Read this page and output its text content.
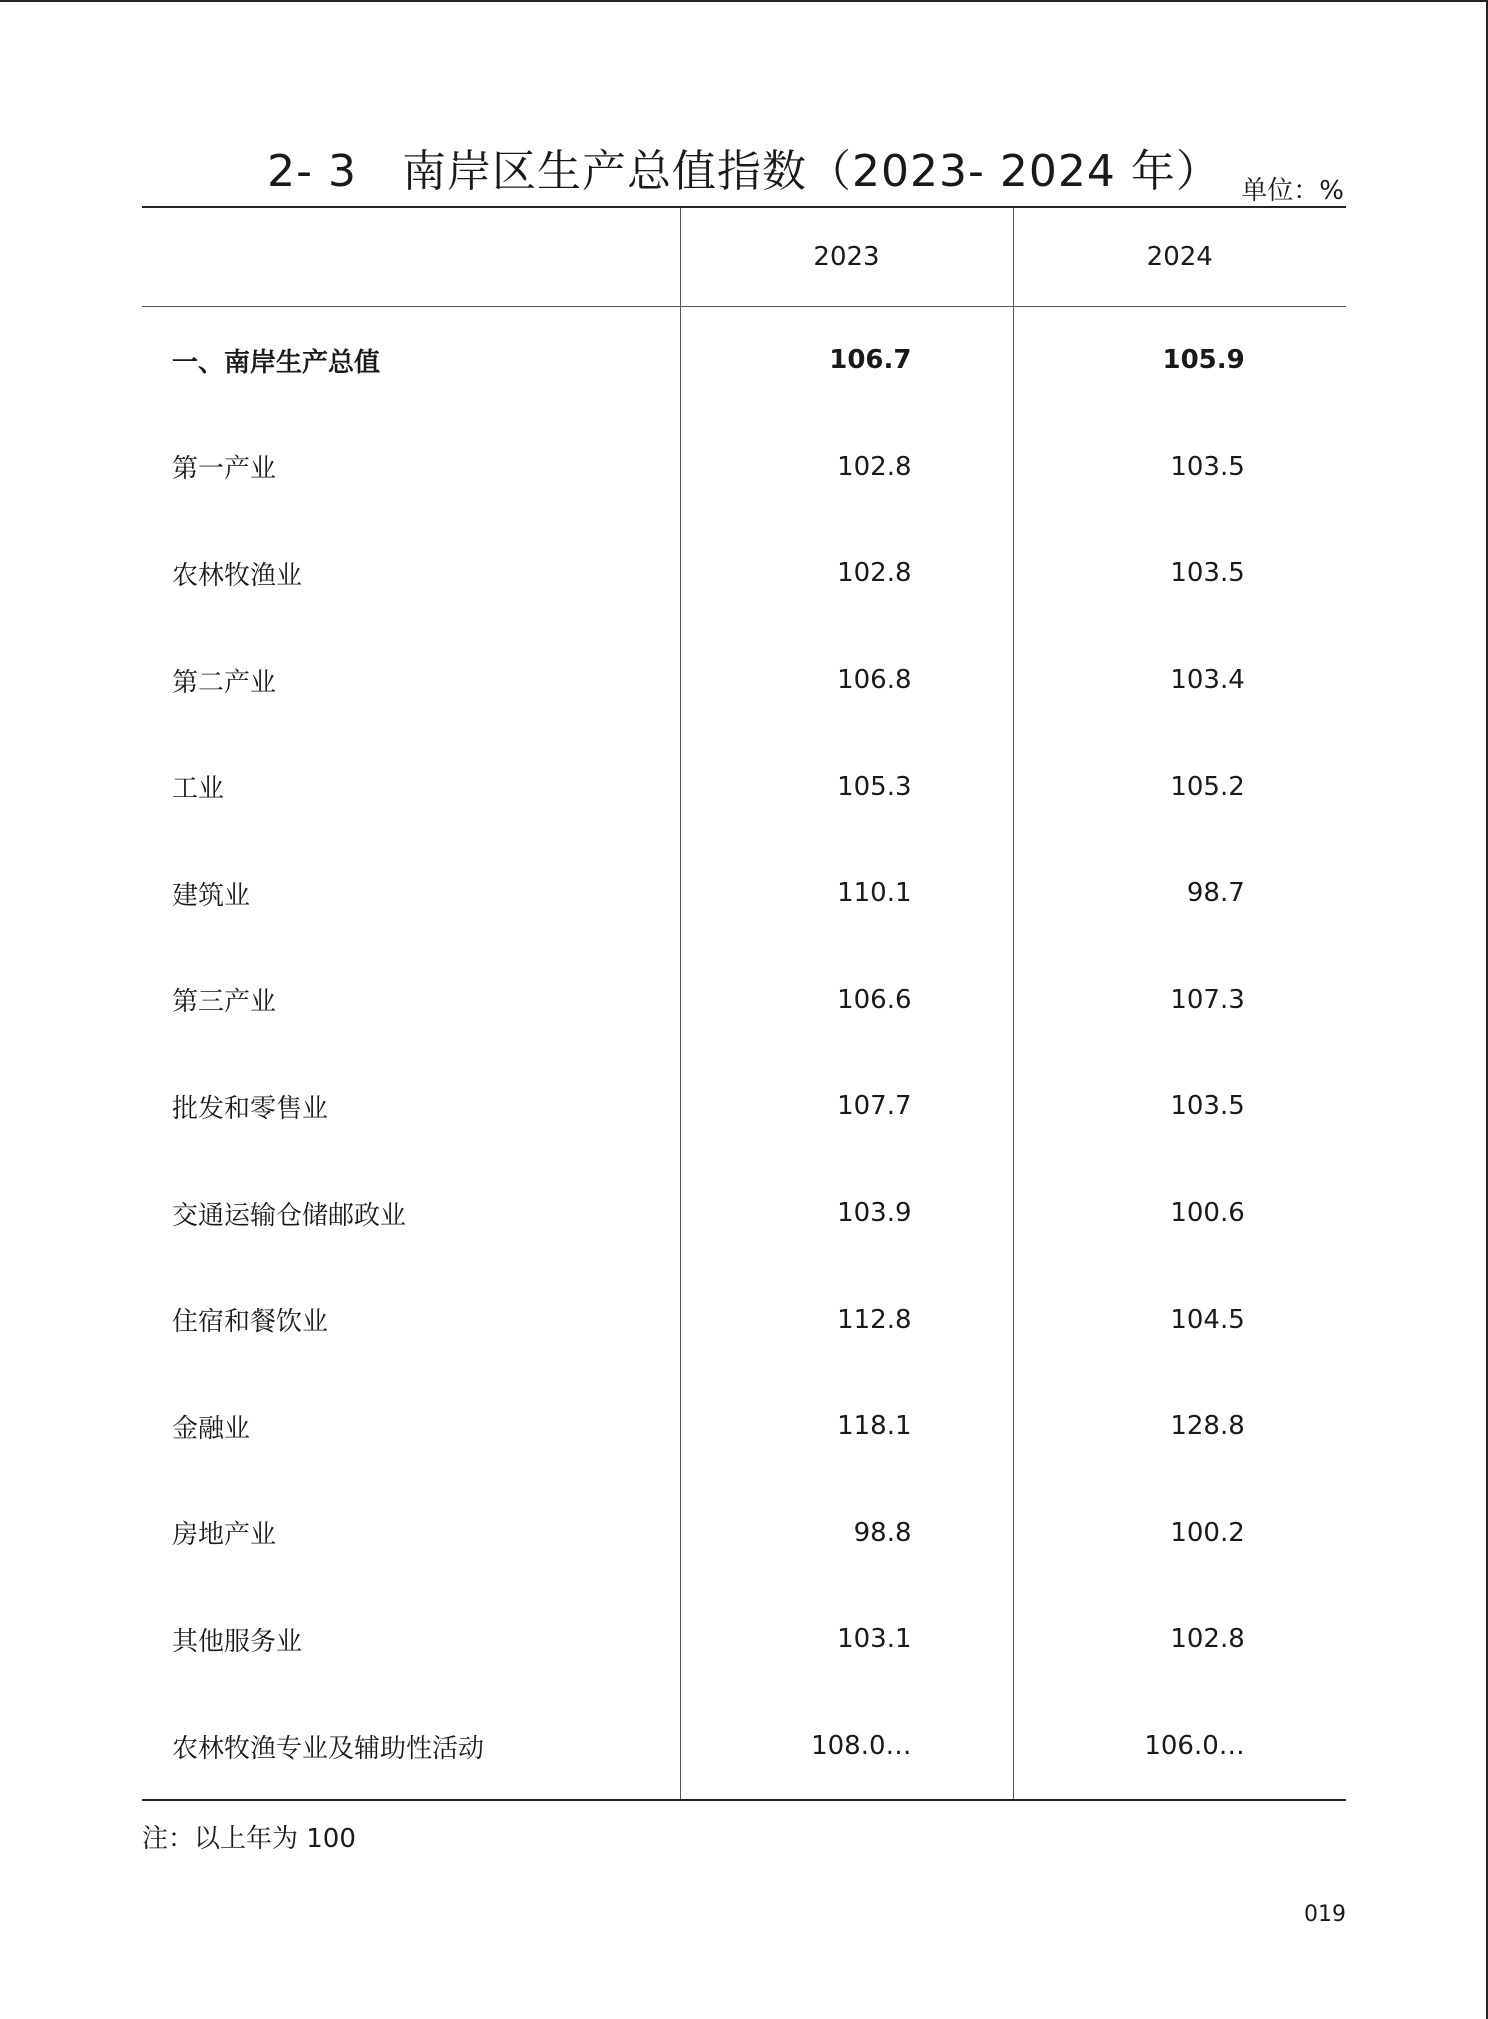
2- 3　南岸区生产总值指数（2023- 2024 年） 单位：%
	2023	2024
一、南岸生产总值	106.7	105.9
第一产业	102.8	103.5
农林牧渔业	102.8	103.5
第二产业	106.8	103.4
工业	105.3	105.2
建筑业	110.1	98.7
第三产业	106.6	107.3
批发和零售业	107.7	103.5
交通运输仓储邮政业	103.9	100.6
住宿和餐饮业	112.8	104.5
金融业	118.1	128.8
房地产业	98.8	100.2
其他服务业	103.1	102.8
农林牧渔专业及辅助性活动	108.0…	106.0…
注：以上年为 100
019
